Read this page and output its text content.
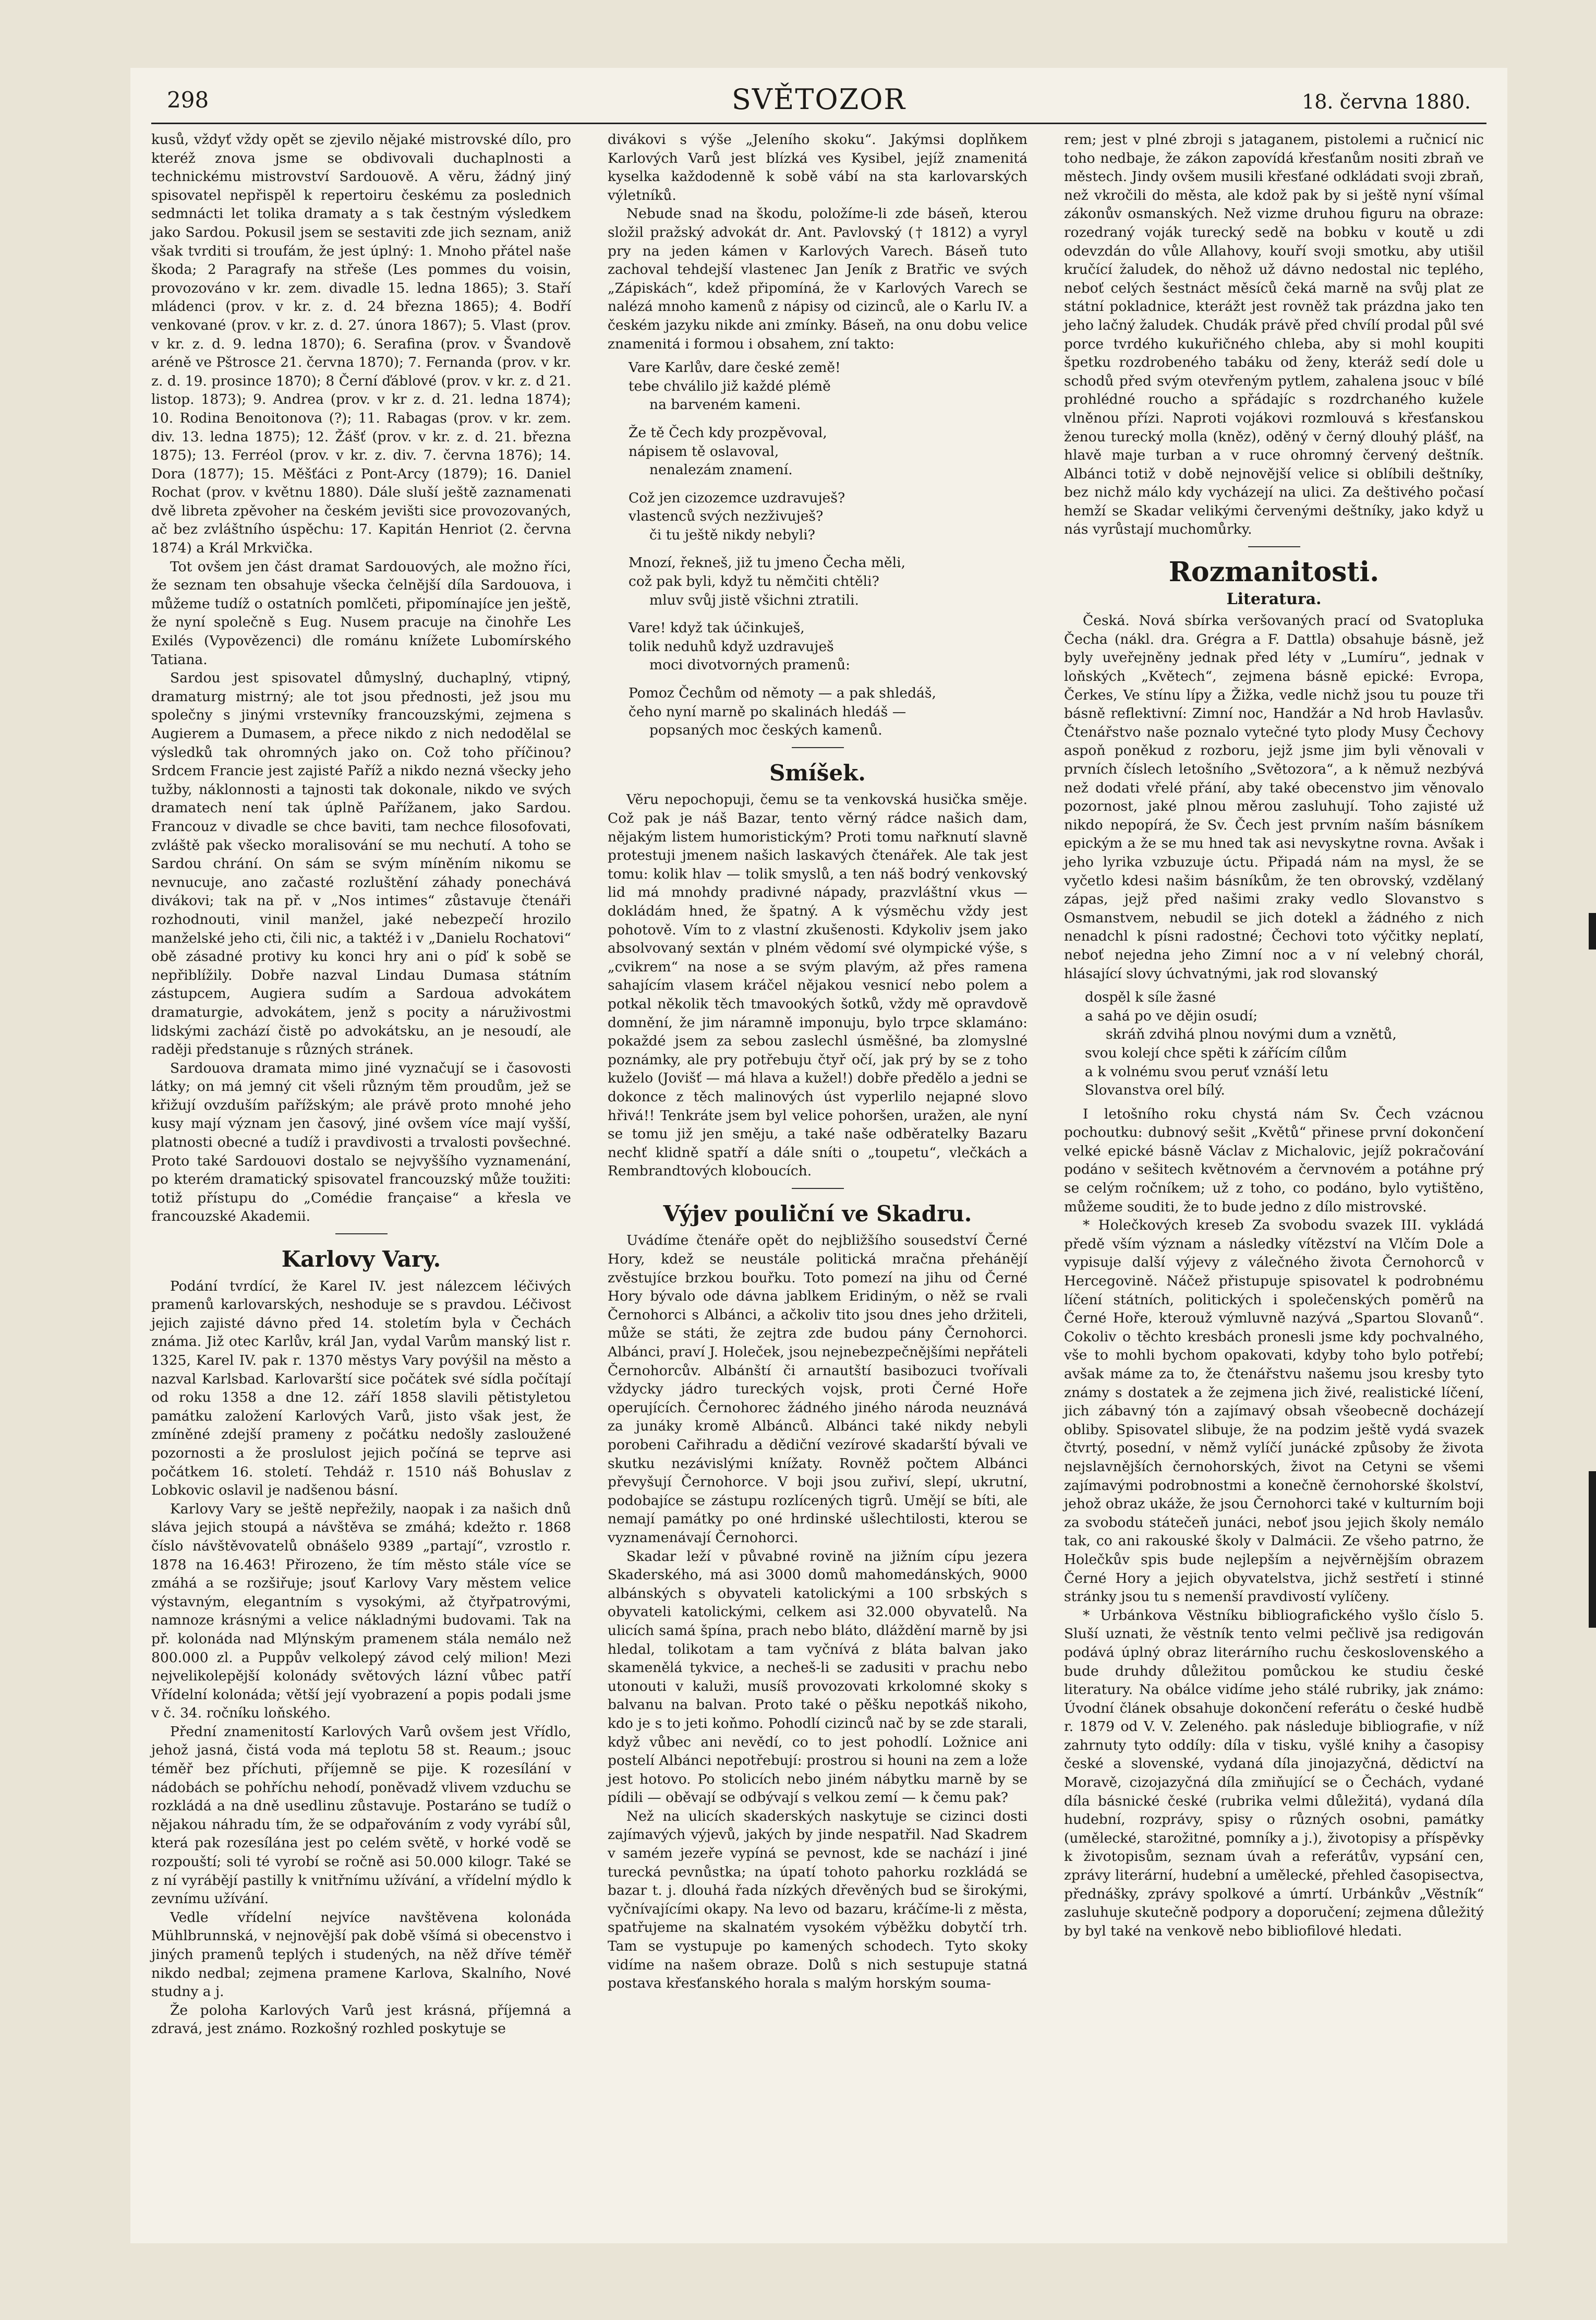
298	SVĚTOZOR	18. června 1880.

kusů, vždyť vždy opět se zjevilo nějaké mistrovské dílo, pro kteréž znova jsme se obdivovali duchaplnosti a technickému mistrovství Sardouově. A věru, žádný jiný spisovatel nepřispěl k repertoiru českému za poslednich sedmnácti let tolika dramaty a s tak čestným výsledkem jako Sardou. Pokusil jsem se sestaviti zde jich seznam, aniž však tvrditi si troufám, že jest úplný: 1. Mnoho přátel naše škoda; 2 Paragrafy na střeše (Les pommes du voisin, provozováno v kr. zem. divadle 15. ledna 1865); 3. Staří mládenci (prov. v kr. z. d. 24 března 1865); 4. Bodří venkované (prov. v kr. z. d. 27. února 1867); 5. Vlast (prov. v kr. z. d. 9. ledna 1870); 6. Serafina (prov. v Švandově aréně ve Pštrosce 21. června 1870); 7. Fernanda (prov. v kr. z. d. 19. prosince 1870); 8 Černí ďáblové (prov. v kr. z. d 21. listop. 1873); 9. Andrea (prov. v kr z. d. 21. ledna 1874); 10. Rodina Benoitonova (?); 11. Rabagas (prov. v kr. zem. div. 13. ledna 1875); 12. Žášť (prov. v kr. z. d. 21. března 1875); 13. Ferréol (prov. v kr. z. div. 7. června 1876); 14. Dora (1877); 15. Měšťáci z Pont-Arcy (1879); 16. Daniel Rochat (prov. v květnu 1880). Dále sluší ještě zaznamenati dvě libreta zpěvoher na českém jevišti sice provozovaných, ač bez zvláštního úspěchu: 17. Kapitán Henriot (2. června 1874) a Král Mrkvička.

Tot ovšem jen část dramat Sardouových, ale možno říci, že seznam ten obsahuje všecka čelnější díla Sardouova, i můžeme tudíž o ostatních pomlčeti, připomínajíce jen ještě, že nyní společně s Eug. Nusem pracuje na činohře Les Exilés (Vypovězenci) dle románu knížete Lubomírského Tatiana.

Sardou jest spisovatel důmyslný, duchaplný, vtipný, dramaturg mistrný; ale tot jsou přednosti, jež jsou mu společny s jinými vrstevníky francouzskými, zejmena s Augierem a Dumasem, a přece nikdo z nich nedodělal se výsledků tak ohromných jako on. Což toho příčinou? Srdcem Francie jest zajisté Paříž a nikdo nezná všecky jeho tužby, náklonnosti a tajnosti tak dokonale, nikdo ve svých dramatech není tak úplně Pařížanem, jako Sardou. Francouz v divadle se chce baviti, tam nechce filosofovati, zvláště pak všecko moralisování se mu nechutí. A toho se Sardou chrání. On sám se svým míněním nikomu se nevnucuje, ano začasté rozluštění záhady ponechává divákovi; tak na př. v „Nos intimes“ zůstavuje čtenáři rozhodnouti, vinil manžel, jaké nebezpečí hrozilo manželské jeho cti, čili nic, a taktéž i v „Danielu Rochatovi“ obě zásadné protivy ku konci hry ani o píď k sobě se nepřiblížily. Dobře nazval Lindau Dumasa státním zástupcem, Augiera sudím a Sardoua advokátem dramaturgie, advokátem, jenž s pocity a náruživostmi lidskými zachází čistě po advokátsku, an je nesoudí, ale raději předstanuje s různých stránek.

Sardouova dramata mimo jiné vyznačují se i časovosti látky; on má jemný cit všeli různým těm proudům, jež se křižují ovzduším pařížským; ale právě proto mnohé jeho kusy mají význam jen časový, jiné ovšem více mají vyšší, platnosti obecné a tudíž i pravdivosti a trvalosti povšechné. Proto také Sardouovi dostalo se nejvyššího vyznamenání, po kterém dramatický spisovatel francouzský může toužiti: totiž přístupu do „Comédie française“ a křesla ve francouzské Akademii.

Karlovy Vary.

Podání tvrdící, že Karel IV. jest nálezcem léčivých pramenů karlovarských, neshoduje se s pravdou. Léčivost jejich zajisté dávno před 14. stoletím byla v Čechách známa. Již otec Karlův, král Jan, vydal Varům manský list r. 1325, Karel IV. pak r. 1370 městys Vary povýšil na město a nazval Karlsbad. Karlovarští sice počátek své sídla počítají od roku 1358 a dne 12. září 1858 slavili pětistyletou památku založení Karlových Varů, jisto však jest, že zmíněné zdejší prameny z počátku nedošly zasloužené pozornosti a že proslulost jejich počíná se teprve asi počátkem 16. století. Tehdáž r. 1510 náš Bohuslav z Lobkovic oslavil je nadšenou básní.

Karlovy Vary se ještě nepřežily, naopak i za našich dnů sláva jejich stoupá a návštěva se zmáhá; kdežto r. 1868 číslo návštěvovatelů obnášelo 9389 „partají“, vzrostlo r. 1878 na 16.463! Přirozeno, že tím město stále více se zmáhá a se rozšiřuje; jsouť Karlovy Vary městem velice výstavným, elegantním s vysokými, až čtyřpatrovými, namnoze krásnými a velice nákladnými budovami. Tak na př. kolonáda nad Mlýnským pramenem stála nemálo než 800.000 zl. a Puppův velkolepý závod celý milion! Mezi nejvelikolepější kolonády světových lázní vůbec patří Vřídelní kolonáda; větší její vyobrazení a popis podali jsme v č. 34. ročníku loňského.

Přední znamenitostí Karlových Varů ovšem jest Vřídlo, jehož jasná, čistá voda má teplotu 58 st. Reaum.; jsouc téměř bez příchuti, příjemně se pije. K rozesílání v nádobách se pohříchu nehodí, poněvadž vlivem vzduchu se rozkládá a na dně usedlinu zůstavuje. Postaráno se tudíž o nějakou náhradu tím, že se odpařováním z vody vyrábí sůl, která pak rozesílána jest po celém světě, v horké vodě se rozpouští; soli té vyrobí se ročně asi 50.000 kilogr. Také se z ní vyrábějí pastilly k vnitřnímu užívání, a vřídelní mýdlo k zevnímu užívání.

Vedle vřídelní nejvíce navštěvena kolonáda Mühlbrunnská, v nejnovější pak době všímá si obecenstvo i jiných pramenů teplých i studených, na něž dříve téměř nikdo nedbal; zejmena pramene Karlova, Skalního, Nové studny a j.

Že poloha Karlových Varů jest krásná, příjemná a zdravá, jest známo. Rozkošný rozhled poskytuje se

divákovi s výše „Jeleního skoku“. Jakýmsi doplňkem Karlových Varů jest blízká ves Kysibel, jejíž znamenitá kyselka každodenně k sobě vábí na sta karlovarských výletníků.

Nebude snad na škodu, položíme-li zde báseň, kterou složil pražský advokát dr. Ant. Pavlovský († 1812) a vyryl pry na jeden kámen v Karlových Varech. Báseň tuto zachoval tehdejší vlastenec Jan Jeník z Bratřic ve svých „Zápiskách“, kdež připomíná, že v Karlových Varech se nalézá mnoho kamenů z nápisy od cizinců, ale o Karlu IV. a českém jazyku nikde ani zmínky. Báseň, na onu dobu velice znamenitá i formou i obsahem, zní takto:

Vare Karlův, dare české země!
tebe chválilo již každé plémě
na barveném kameni.
Že tě Čech kdy prozpěvoval,
nápisem tě oslavoval,
nenalezám znamení.
Což jen cizozemce uzdravuješ?
vlastenců svých nezživuješ?
či tu ještě nikdy nebyli?
Mnozí, řekneš, již tu jmeno Čecha měli,
což pak byli, když tu němčiti chtěli?
mluv svůj jistě všichni ztratili.
Vare! když tak účinkuješ,
tolik neduhů když uzdravuješ
moci divotvorných pramenů:
Pomoz Čechům od němoty — a pak shledáš,
čeho nyní marně po skalinách hledáš —
popsaných moc českých kamenů.
Smíšek.

Věru nepochopuji, čemu se ta venkovská husička směje. Což pak je náš Bazar, tento věrný rádce našich dam, nějakým listem humoristickým? Proti tomu nařknutí slavně protestuji jmenem našich laskavých čtenářek. Ale tak jest tomu: kolik hlav — tolik smyslů, a ten náš bodrý venkovský lid má mnohdy pradivné nápady, prazvláštní vkus — dokládám hned, že špatný. A k výsměchu vždy jest pohotově. Vím to z vlastní zkušenosti. Kdykoliv jsem jako absolvovaný sextán v plném vědomí své olympické výše, s „cvikrem“ na nose a se svým plavým, až přes ramena sahajícím vlasem kráčel nějakou vesnicí nebo polem a potkal několik těch tmavookých šotků, vždy mě opravdově domnění, že jim náramně imponuju, bylo trpce sklamáno: pokaždé jsem za sebou zaslechl úsměšné, ba zlomyslné poznámky, ale pry potřebuju čtyř očí, jak prý by se z toho kuželo (Jovišť — má hlava a kužel!) dobře předělo a jedni se dokonce z těch malinových úst vyperlilo nejapné slovo hřivá!! Tenkráte jsem byl velice pohoršen, uražen, ale nyní se tomu již jen směju, a také naše odběratelky Bazaru nechť klidně spatří a dále sníti o „toupetu“, vlečkách a Rembrandtových kloboucích.

Výjev pouliční ve Skadru.

Uvádíme čtenáře opět do nejbližšího sousedství Černé Hory, kdež se neustále politická mračna přehánějí zvěstujíce brzkou bouřku. Toto pomezí na jihu od Černé Hory bývalo ode dávna jablkem Eridiným, o něž se rvali Černohorci s Albánci, a ačkoliv tito jsou dnes jeho držiteli, může se státi, že zejtra zde budou pány Černohorci. Albánci, praví J. Holeček, jsou nejnebezpečnějšími nepřáteli Černohorcův. Albánští či arnautští basibozuci tvořívali vždycky jádro tureckých vojsk, proti Černé Hoře operujících. Černohorec žádného jiného národa neuznává za junáky kromě Albánců. Albánci také nikdy nebyli porobeni Cařihradu a dědiční vezírové skadarští bývali ve skutku nezávislými knížaty. Rovněž počtem Albánci převyšují Černohorce. V boji jsou zuřiví, slepí, ukrutní, podobajíce se zástupu rozlícených tigrů. Umějí se bíti, ale nemají památky po oné hrdinské ušlechtilosti, kterou se vyznamenávají Černohorci.

Skadar leží v půvabné rovině na jižním cípu jezera Skaderského, má asi 3000 domů mahomedánských, 9000 albánských s obyvateli katolickými a 100 srbských s obyvateli katolickými, celkem asi 32.000 obyvatelů. Na ulicích samá špína, prach nebo bláto, dláždění marně by jsi hledal, tolikotam a tam vyčnívá z bláta balvan jako skamenělá tykvice, a necheš-li se zadusiti v prachu nebo utonouti v kaluži, musíš provozovati krkolomné skoky s balvanu na balvan. Proto také o pěšku nepotkáš nikoho, kdo je s to jeti koňmo. Pohodlí cizinců nač by se zde starali, když vůbec ani nevědí, co to jest pohodlí. Ložnice ani postelí Albánci nepotřebují: prostrou si houni na zem a lože jest hotovo. Po stolicích nebo jiném nábytku marně by se pídili — oběvají se odbývají s velkou zemí — k čemu pak?

Než na ulicích skaderských naskytuje se cizinci dosti zajímavých výjevů, jakých by jinde nespatřil. Nad Skadrem v samém jezeře vypíná se pevnost, kde se nachází i jiné turecká pevnůstka; na úpatí tohoto pahorku rozkládá se bazar t. j. dlouhá řada nízkých dřevěných bud se širokými, vyčnívajícími okapy. Na levo od bazaru, kráčíme-li z města, spatřujeme na skalnatém vysokém výběžku dobytčí trh. Tam se vystupuje po kamených schodech. Tyto skoky vidíme na našem obraze. Dolů s nich sestupuje statná postava křesťanského horala s malým horským souma-

rem; jest v plné zbroji s jataganem, pistolemi a ručnicí nic toho nedbaje, že zákon zapovídá křesťanům nositi zbraň ve městech. Jindy ovšem musili křesťané odkládati svoji zbraň, než vkročili do města, ale kdož pak by si ještě nyní všímal zákonův osmanských. Než vizme druhou figuru na obraze: rozedraný voják turecký sedě na bobku v koutě u zdi odevzdán do vůle Allahovy, kouří svoji smotku, aby utišil kručící žaludek, do něhož už dávno nedostal nic teplého, neboť celých šestnáct měsíců čeká marně na svůj plat ze státní pokladnice, kterážt jest rovněž tak prázdna jako ten jeho lačný žaludek. Chudák právě před chvílí prodal půl své porce tvrdého kukuřičného chleba, aby si mohl koupiti špetku rozdrobeného tabáku od ženy, kteráž sedí dole u schodů před svým otevřeným pytlem, zahalena jsouc v bílé prohlédné roucho a spřádajíc s rozdrchaného kužele vlněnou přízi. Naproti vojákovi rozmlouvá s křesťanskou ženou turecký molla (kněz), oděný v černý dlouhý plášť, na hlavě maje turban a v ruce ohromný červený deštník. Albánci totiž v době nejnovější velice si oblíbili deštníky, bez nichž málo kdy vycházejí na ulici. Za deštivého počasí hemží se Skadar velikými červenými deštníky, jako když u nás vyrůstají muchomůrky.

Rozmanitosti.
Literatura.

Česká. Nová sbírka veršovaných prací od Svatopluka Čecha (nákl. dra. Grégra a F. Dattla) obsahuje básně, jež byly uveřejněny jednak před léty v „Lumíru“, jednak v loňských „Květech“, zejmena básně epické: Evropa, Čerkes, Ve stínu lípy a Žižka, vedle nichž jsou tu pouze tři básně reflektivní: Zimní noc, Handžár a Nd hrob Havlasův. Čtenářstvo naše poznalo vytečné tyto plody Musy Čechovy aspoň poněkud z rozboru, jejž jsme jim byli věnovali v prvních číslech letošního „Světozora“, a k němuž nezbývá než dodati vřelé přání, aby také obecenstvo jim věnovalo pozornost, jaké plnou měrou zasluhují. Toho zajisté už nikdo nepopírá, že Sv. Čech jest prvním naším básníkem epickým a že se mu hned tak asi nevyskytne rovna. Avšak i jeho lyrika vzbuzuje úctu. Připadá nám na mysl, že se vyčetlo kdesi našim básníkům, že ten obrovský, vzdělaný zápas, jejž před našimi zraky vedlo Slovanstvo s Osmanstvem, nebudil se jich dotekl a žádného z nich nenadchl k písni radostné; Čechovi toto výčitky neplatí, neboť nejedna jeho Zimní noc a v ní velebný chorál, hlásající slovy úchvatnými, jak rod slovanský

dospěl k síle žasné
a sahá po ve dějin osudí;
skráň zdvihá plnou novými dum a vznětů,
svou kolejí chce spěti k zářícím cílům
a k volnému svou peruť vznáší letu
Slovanstva orel bílý.

I letošního roku chystá nám Sv. Čech vzácnou pochoutku: dubnový sešit „Květů“ přinese první dokončení velké epické básně Václav z Michalovic, jejíž pokračování podáno v sešitech květnovém a červnovém a potáhne prý se celým ročníkem; už z toho, co podáno, bylo vytištěno, můžeme souditi, že to bude jedno z dílo mistrovské.

* Holečkových kreseb Za svobodu svazek III. vykládá předě vším význam a následky vítězství na Vlčím Dole a vypisuje další výjevy z válečného života Černohorců v Hercegovině. Náčež přistupuje spisovatel k podrobnému líčení státních, politických i společenských poměrů na Černé Hoře, kterouž výmluvně nazývá „Spartou Slovanů“. Cokoliv o těchto kresbách pronesli jsme kdy pochvalného, vše to mohli bychom opakovati, kdyby toho bylo potřebí; avšak máme za to, že čtenářstvu našemu jsou kresby tyto známy s dostatek a že zejmena jich živé, realistické líčení, jich zábavný tón a zajímavý obsah všeobecně docházejí obliby. Spisovatel slibuje, že na podzim ještě vydá svazek čtvrtý, posední, v němž vylíčí junácké způsoby že života nejslavnějších černohorských, život na Cetyni se všemi zajímavými podrobnostmi a konečně černohorské školství, jehož obraz ukáže, že jsou Černohorci také v kulturním boji za svobodu státečeň junáci, neboť jsou jejich školy nemálo tak, co ani rakouské školy v Dalmácii. Ze všeho patrno, že Holečkův spis bude nejlepším a nejvěrnějším obrazem Černé Hory a jejich obyvatelstva, jichž sestřetí i stinné stránky jsou tu s nemenší pravdivostí vylíčeny.

* Urbánkova Věstníku bibliografického vyšlo číslo 5. Sluší uznati, že věstník tento velmi pečlivě jsa redigován podává úplný obraz literárního ruchu československého a bude druhdy důležitou pomůckou ke studiu české literatury. Na obálce vidíme jeho stálé rubriky, jak známo: Úvodní článek obsahuje dokončení referátu o české hudbě r. 1879 od V. V. Zeleného. pak následuje bibliografie, v níž zahrnuty tyto oddíly: díla v tisku, vyšlé knihy a časopisy české a slovenské, vydaná díla jinojazyčná, dědictví na Moravě, cizojazyčná díla zmiňující se o Čechách, vydané díla básnické české (rubrika velmi důležitá), vydaná díla hudební, rozprávy, spisy o různých osobni, památky (umělecké, starožitné, pomníky a j.), životopisy a příspěvky k životopisům, seznam úvah a referátův, vypsání cen, zprávy literární, hudební a umělecké, přehled časopisectva, přednášky, zprávy spolkové a úmrtí. Urbánkův „Věstník“ zasluhuje skutečně podpory a doporučení; zejmena důležitý by byl také na venkově nebo bibliofilové hledati.
